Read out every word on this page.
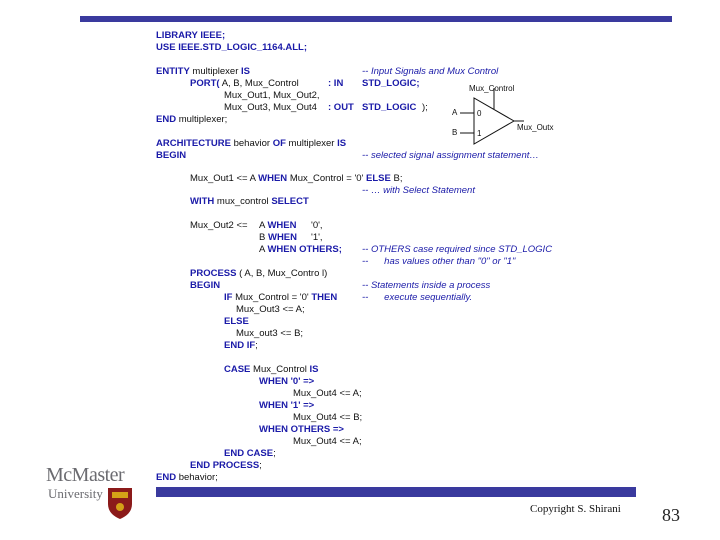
LIBRARY IEEE;
USE IEEE.STD_LOGIC_1164.ALL;
ENTITY multiplexer IS	-- Input Signals and Mux Control
PORT( A, B, Mux_Control	: IN STD_LOGIC;
Mux_Out1, Mux_Out2,
Mux_Out3, Mux_Out4 : OUT STD_LOGIC );
END multiplexer;
ARCHITECTURE behavior OF multiplexer IS
BEGIN	-- selected signal assignment statement…
Mux_Out1 <= A WHEN Mux_Control = '0' ELSE B;
-- … with Select Statement
WITH mux_control SELECT
Mux_Out2 <= A WHEN '0',
B WHEN '1',
A WHEN OTHERS; -- OTHERS case required since STD_LOGIC
--      has values other than "0" or "1"
PROCESS ( A, B, Mux_Contro l)
BEGIN	-- Statements inside a process
IF Mux_Control = '0' THEN	--      execute sequentially.
Mux_Out3 <= A;
ELSE
Mux_out3 <= B;
END IF;
CASE Mux_Control IS
WHEN '0' =>
Mux_Out4 <= A;
WHEN '1' =>
Mux_Out4 <= B;
WHEN OTHERS =>
Mux_Out4 <= A;
END CASE;
END PROCESS;
END behavior;
Mux_Control
A
B
0
1
Mux_Outx
McMaster
University
Copyright S. Shirani 83
